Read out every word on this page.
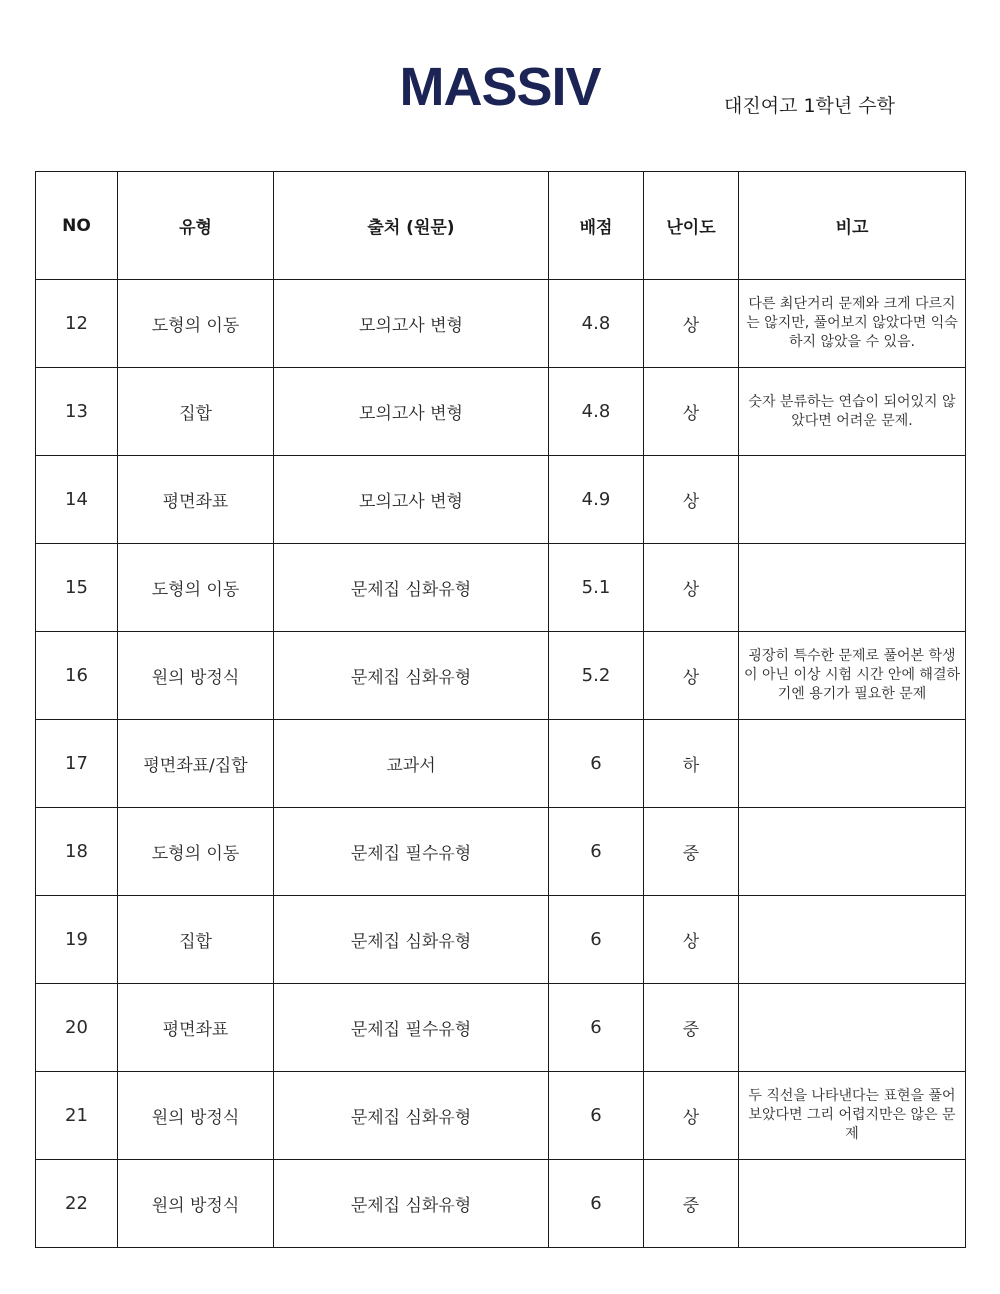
MASSIV	대진여고 1학년 수학
NO	유형	출처 (원문)	배점	난이도	비고
12	도형의 이동	모의고사 변형	4.8	상	다른 최단거리 문제와 크게 다르지는 않지만, 풀어보지 않았다면 익숙하지 않았을 수 있음.
13	집합	모의고사 변형	4.8	상	숫자 분류하는 연습이 되어있지 않았다면 어려운 문제.
14	평면좌표	모의고사 변형	4.9	상	
15	도형의 이동	문제집 심화유형	5.1	상	
16	원의 방정식	문제집 심화유형	5.2	상	굉장히 특수한 문제로 풀어본 학생이 아닌 이상 시험 시간 안에 해결하기엔 용기가 필요한 문제
17	평면좌표/집합	교과서	6	하	
18	도형의 이동	문제집 필수유형	6	중	
19	집합	문제집 심화유형	6	상	
20	평면좌표	문제집 필수유형	6	중	
21	원의 방정식	문제집 심화유형	6	상	두 직선을 나타낸다는 표현을 풀어보았다면 그리 어렵지만은 않은 문제
22	원의 방정식	문제집 심화유형	6	중	
